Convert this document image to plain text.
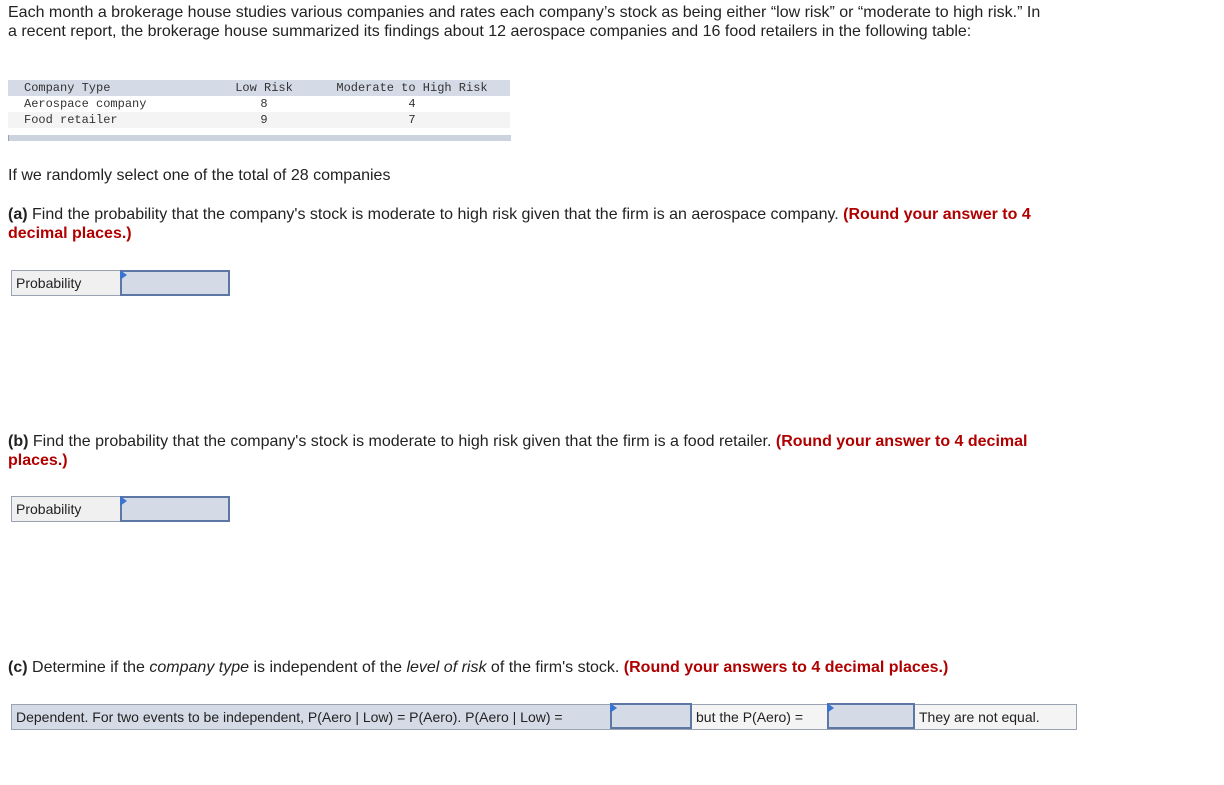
Each month a brokerage house studies various companies and rates each company’s stock as being either “low risk” or “moderate to high risk.” In a recent report, the brokerage house summarized its findings about 12 aerospace companies and 16 food retailers in the following table:

Company Type	Low Risk	Moderate to High Risk
Aerospace company	8	4
Food retailer	9	7

If we randomly select one of the total of 28 companies

(a) Find the probability that the company's stock is moderate to high risk given that the firm is an aerospace company. (Round your answer to 4 decimal places.)

Probability

(b) Find the probability that the company's stock is moderate to high risk given that the firm is a food retailer. (Round your answer to 4 decimal places.)

Probability

(c) Determine if the company type is independent of the level of risk of the firm's stock. (Round your answers to 4 decimal places.)

Dependent. For two events to be independent, P(Aero | Low) = P(Aero). P(Aero | Low) =	but the P(Aero) =	They are not equal.
